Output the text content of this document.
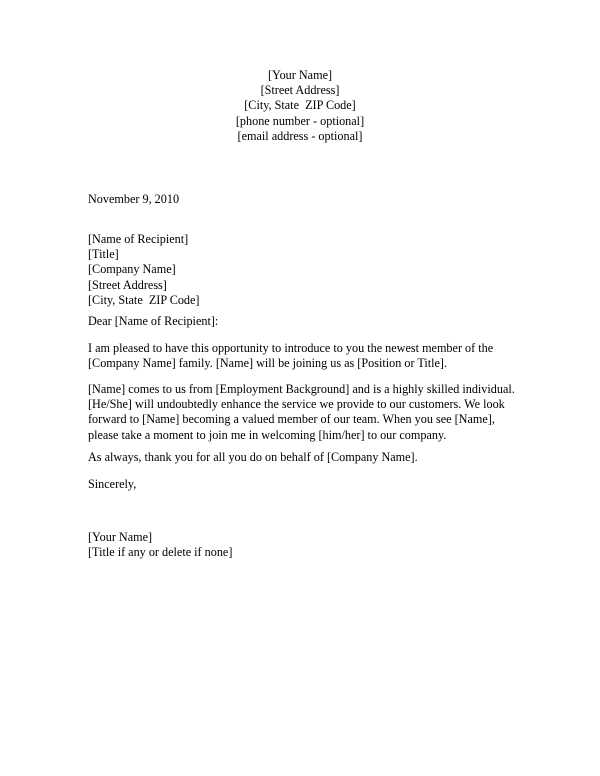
[Your Name]
[Street Address]
[City, State  ZIP Code]
[phone number - optional]
[email address - optional]
November 9, 2010
[Name of Recipient]
[Title]
[Company Name]
[Street Address]
[City, State  ZIP Code]
Dear [Name of Recipient]:
I am pleased to have this opportunity to introduce to you the newest member of the
[Company Name] family. [Name] will be joining us as [Position or Title].
[Name] comes to us from [Employment Background] and is a highly skilled individual.
[He/She] will undoubtedly enhance the service we provide to our customers. We look
forward to [Name] becoming a valued member of our team. When you see [Name],
please take a moment to join me in welcoming [him/her] to our company.
As always, thank you for all you do on behalf of [Company Name].
Sincerely,
[Your Name]
[Title if any or delete if none]
